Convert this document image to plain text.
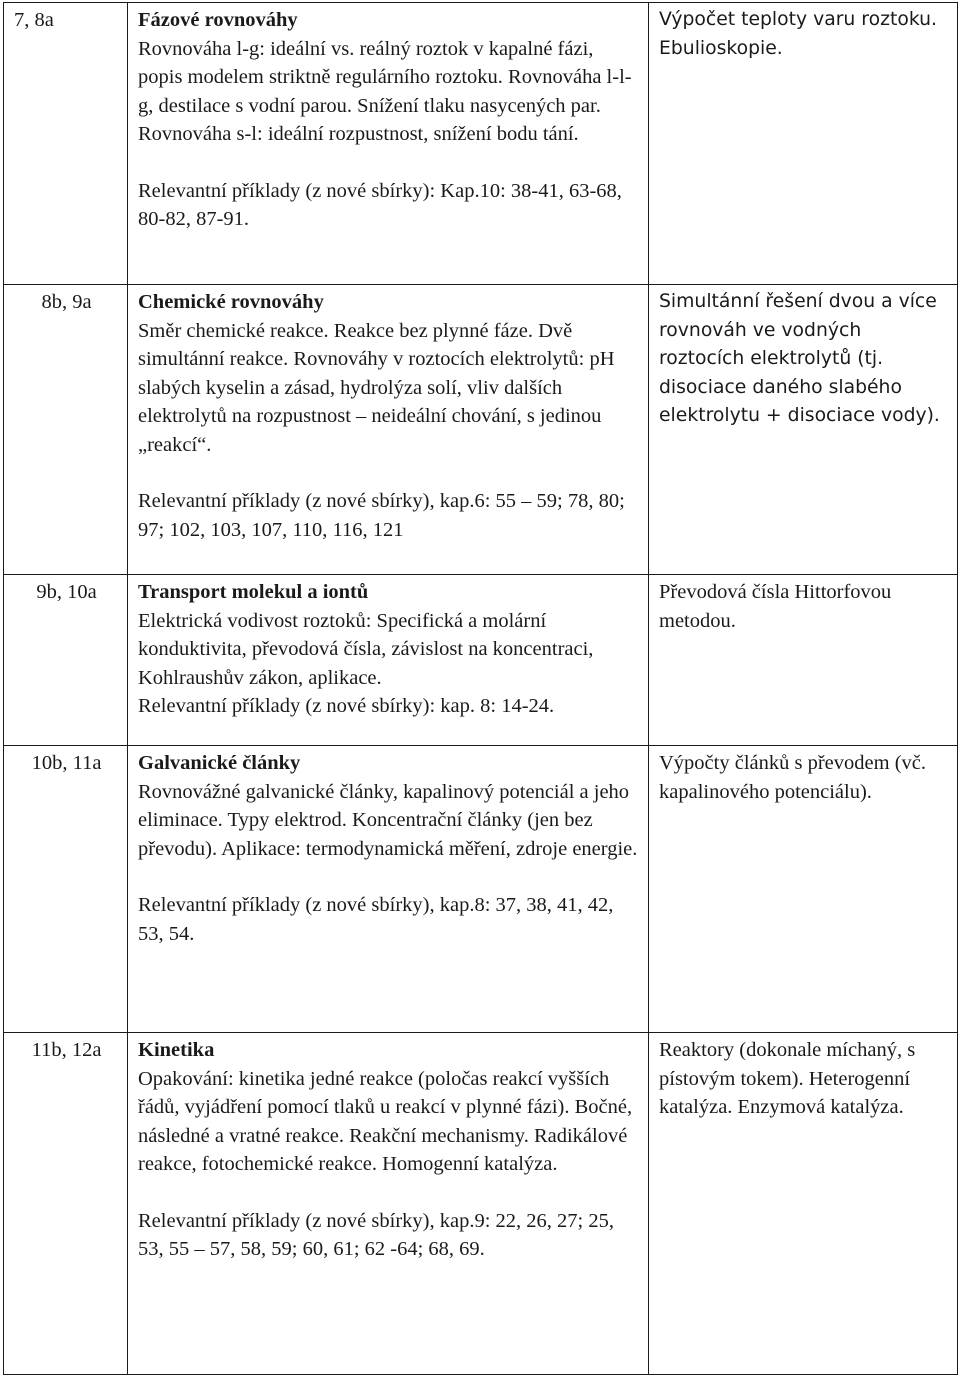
7, 8a	Fázové rovnováhy
Rovnováha l-g: ideální vs. reálný roztok v kapalné fázi, popis modelem striktně regulárního roztoku. Rovnováha l-l-g, destilace s vodní parou. Snížení tlaku nasycených par. Rovnováha s-l: ideální rozpustnost, snížení bodu tání.
Relevantní příklady (z nové sbírky): Kap.10: 38-41, 63-68, 80-82, 87-91.	Výpočet teploty varu roztoku. Ebulioskopie.

8b, 9a	Chemické rovnováhy
Směr chemické reakce. Reakce bez plynné fáze. Dvě simultánní reakce. Rovnováhy v roztocích elektrolytů: pH slabých kyselin a zásad, hydrolýza solí, vliv dalších elektrolytů na rozpustnost – neideální chování, s jedinou „reakcí“.
Relevantní příklady (z nové sbírky), kap.6: 55 – 59; 78, 80; 97; 102, 103, 107, 110, 116, 121	Simultánní řešení dvou a více rovnováh ve vodných roztocích elektrolytů (tj. disociace daného slabého elektrolytu + disociace vody).

9b, 10a	Transport molekul a iontů
Elektrická vodivost roztoků: Specifická a molární konduktivita, převodová čísla, závislost na koncentraci, Kohlraushův zákon, aplikace.
Relevantní příklady (z nové sbírky): kap. 8: 14-24.	Převodová čísla Hittorfovou metodou.

10b, 11a	Galvanické články
Rovnovážné galvanické články, kapalinový potenciál a jeho eliminace. Typy elektrod. Koncentrační články (jen bez převodu). Aplikace: termodynamická měření, zdroje energie.
Relevantní příklady (z nové sbírky), kap.8: 37, 38, 41, 42, 53, 54.	Výpočty článků s převodem (vč. kapalinového potenciálu).

11b, 12a	Kinetika
Opakování: kinetika jedné reakce (poločas reakcí vyšších řádů, vyjádření pomocí tlaků u reakcí v plynné fázi). Bočné, následné a vratné reakce. Reakční mechanismy. Radikálové reakce, fotochemické reakce. Homogenní katalýza.
Relevantní příklady (z nové sbírky), kap.9: 22, 26, 27; 25, 53, 55 – 57, 58, 59; 60, 61; 62 -64; 68, 69.	Reaktory (dokonale míchaný, s pístovým tokem). Heterogenní katalýza. Enzymová katalýza.
